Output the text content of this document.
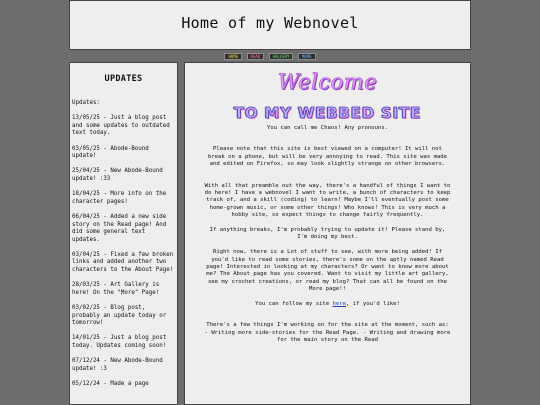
Home of my Webnovel
HOME	READ	GALLERY	MORE
UPDATES

Updates:

13/05/25 - Just a blog post and some updates to outdated text today.

03/05/25 - Abode-Bound update!

25/04/25 - New Abode-Bound update! :33

18/04/25 - More info on the character pages!

06/04/25 - Added a new side story on the Read page! And did some general text updates.

03/04/25 - Fixed a few broken links and added another two characters to the About Page!

28/03/25 - Art Gallery is here! On the "More" Page!

03/02/25 - Blog post, probably an update today or tomorrow!

14/01/25 - Just a blog post today. Updates coming soon!

07/12/24 - New Abode-Bound update! :3

05/12/24 - Made a page

Welcome
TO MY WEBBED SITE

You can call me Chaos! Any pronouns.

Please note that this site is best viewed on a computer! It will not break on a phone, but will be very annoying to read. This site was made and edited on Firefox, so may look slightly strange on other browsers.

With all that preamble out the way, there's a handful of things I want to do here! I have a webnovel I want to write, a bunch of characters to keep track of, and a skill (coding) to learn! Maybe I'll eventually post some home-grown music, or some other things! Who knows! This is very much a hobby site, so expect things to change fairly frequently.

If anything breaks, I'm probably trying to update it! Please stand by, I'm doing my best.

Right now, there is a Lot of stuff to see, with more being added! If you'd like to read some stories, there's some on the aptly named Read page! Interested in looking at my characters? Or want to know more about me? The About page has you covered. Want to visit my little art gallery, see my crochet creations, or read my blog? That can all be found on the More page!!

You can follow my site here, if you'd like!

There's a few things I'm working on for the site at the moment, such as: - Writing more side-stories for the Read Page. - Writing and drawing more for the main story on the Read
